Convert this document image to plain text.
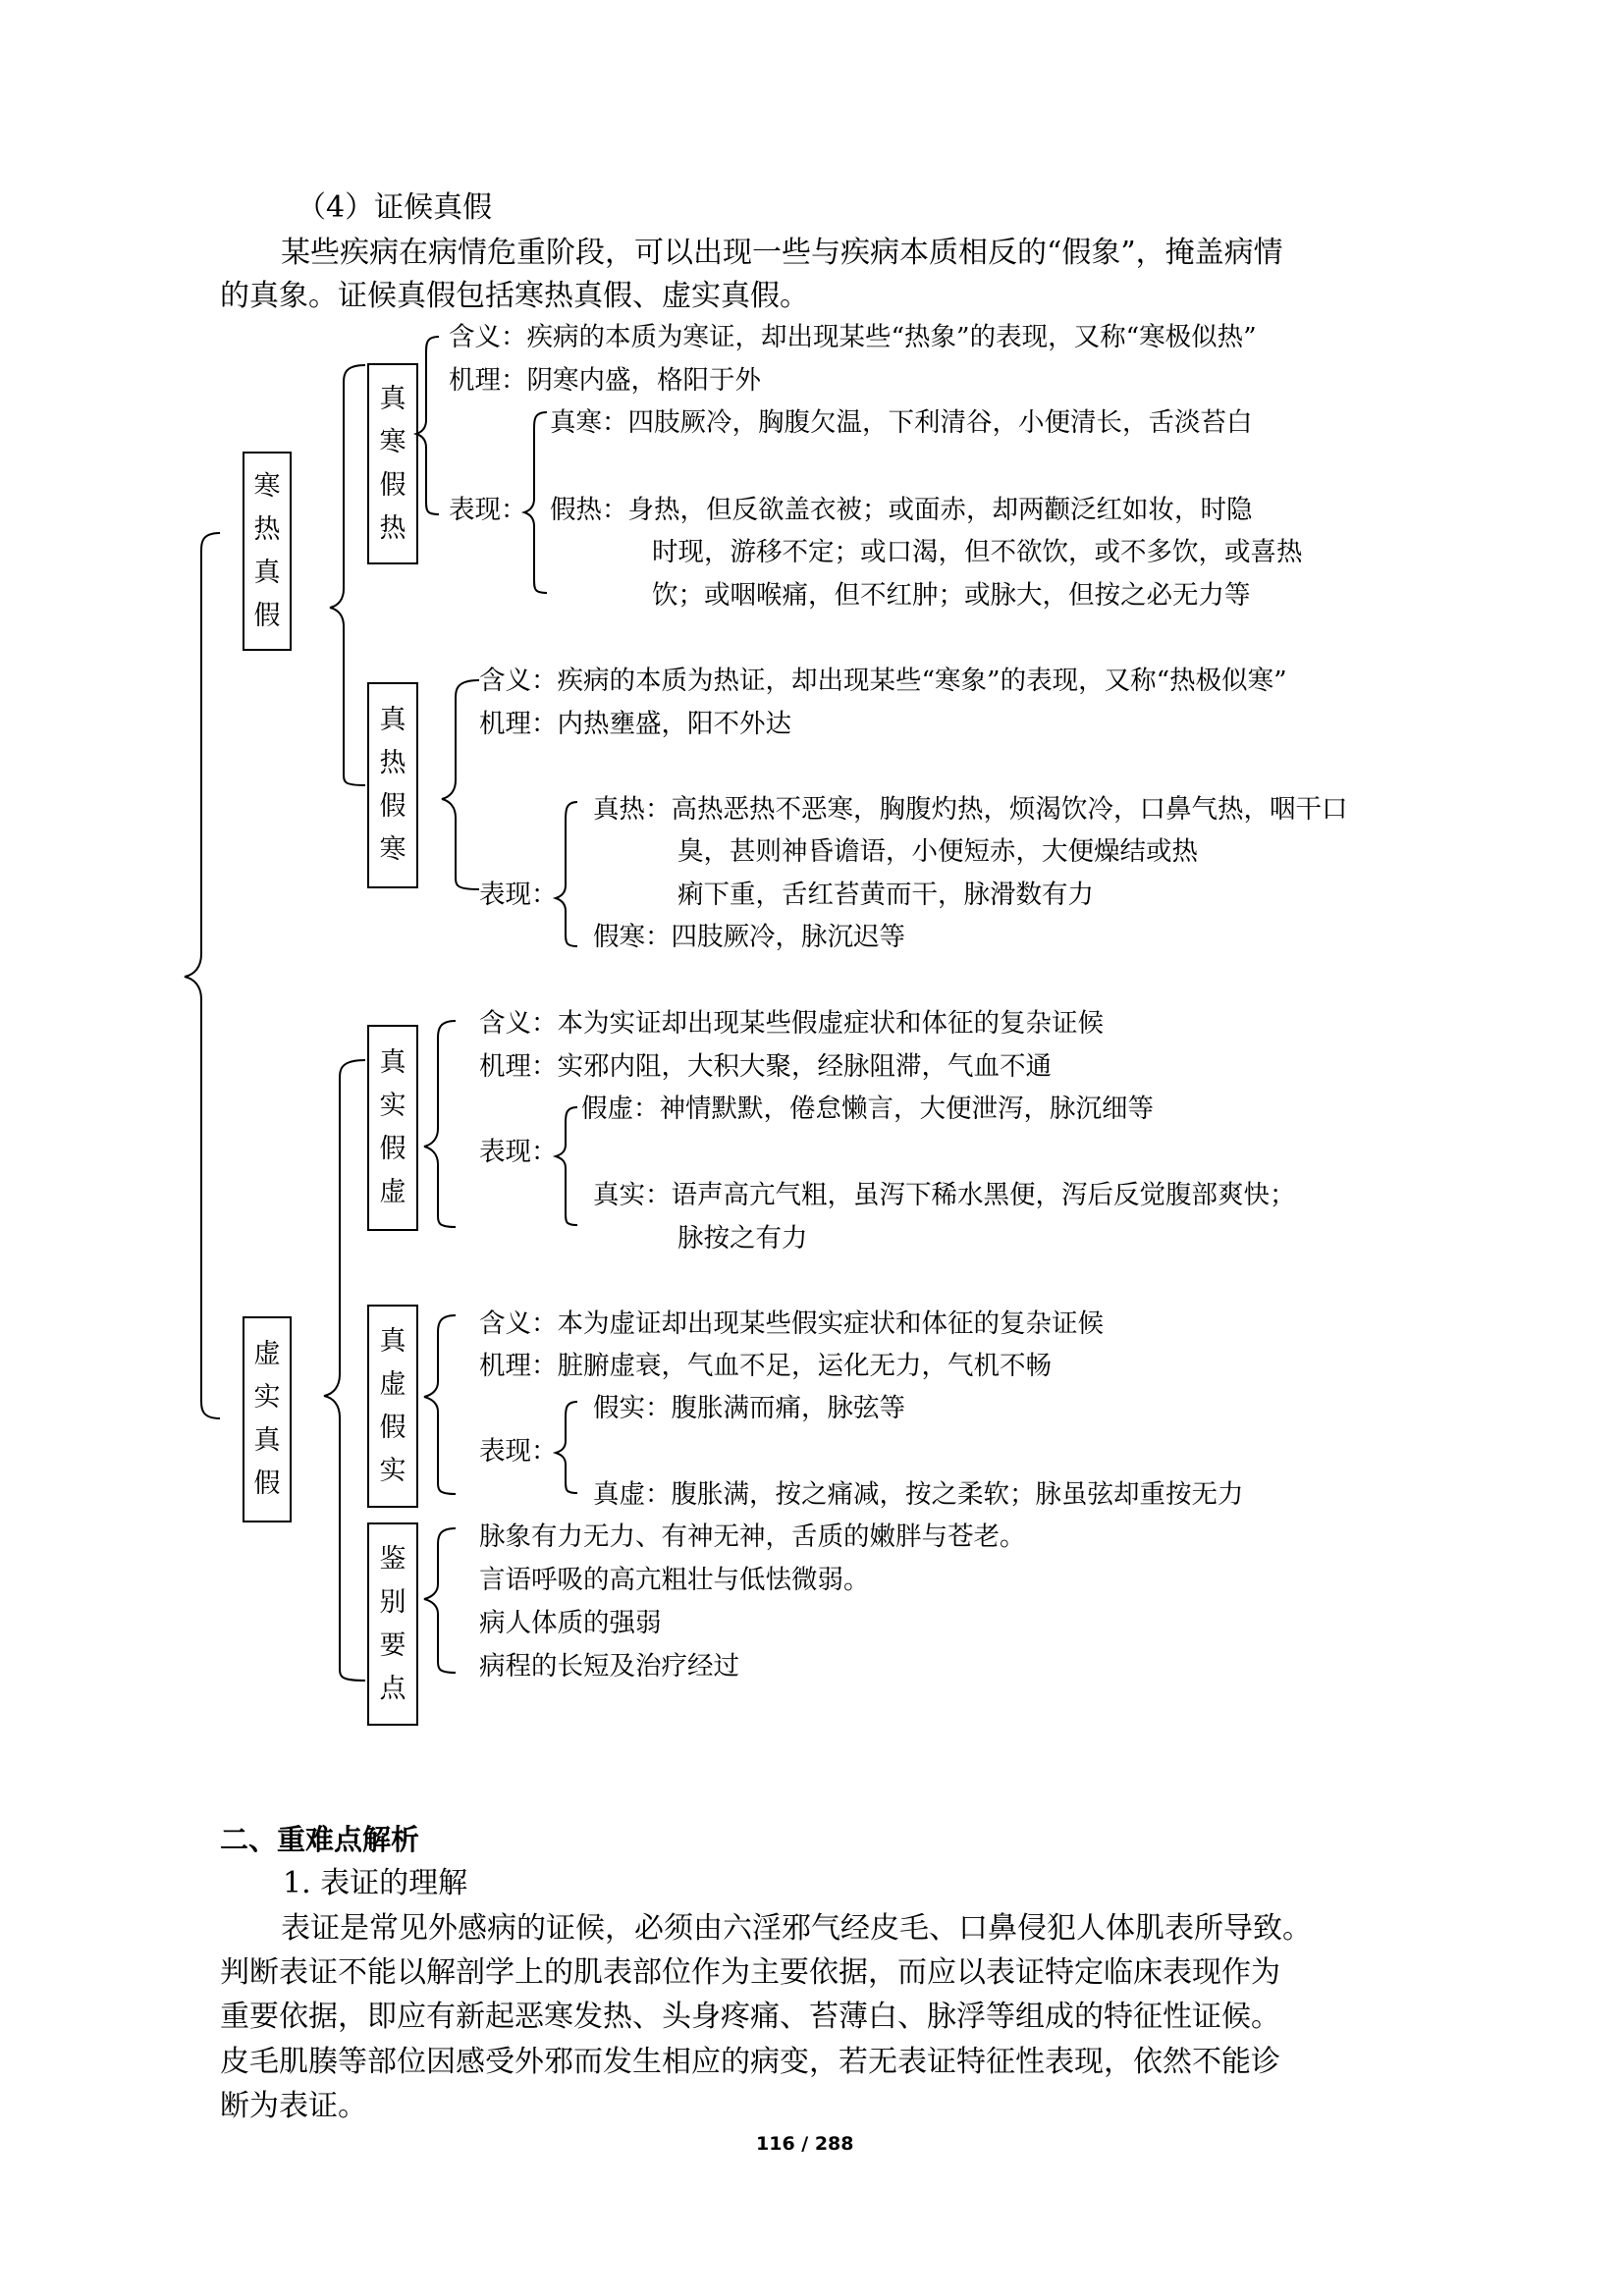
（4）证候真假
某些疾病在病情危重阶段，可以出现一些与疾病本质相反的“假象”，掩盖病情
的真象。证候真假包括寒热真假、虚实真假。
寒
热
真
假
虚
实
真
假
真
寒
假
热
真
热
假
寒
真
实
假
虚
真
虚
假
实
鉴
别
要
点
含义：疾病的本质为寒证，却出现某些“热象”的表现，又称“寒极似热”
机理：阴寒内盛，格阳于外
真寒：四肢厥冷，胸腹欠温，下利清谷，小便清长，舌淡苔白
表现： 假热：身热，但反欲盖衣被；或面赤，却两颧泛红如妆，时隐
时现，游移不定；或口渴，但不欲饮，或不多饮，或喜热
饮；或咽喉痛，但不红肿；或脉大，但按之必无力等
含义：疾病的本质为热证，却出现某些“寒象”的表现，又称“热极似寒”
机理：内热壅盛，阳不外达
真热：高热恶热不恶寒，胸腹灼热，烦渴饮冷，口鼻气热，咽干口
臭，甚则神昏谵语，小便短赤，大便燥结或热
痢下重，舌红苔黄而干，脉滑数有力
表现：
假寒：四肢厥冷，脉沉迟等
含义：本为实证却出现某些假虚症状和体征的复杂证候
机理：实邪内阻，大积大聚，经脉阻滞，气血不通
假虚：神情默默，倦怠懒言，大便泄泻，脉沉细等
表现：
真实：语声高亢气粗，虽泻下稀水黑便，泻后反觉腹部爽快；
脉按之有力
含义：本为虚证却出现某些假实症状和体征的复杂证候
机理：脏腑虚衰，气血不足，运化无力，气机不畅
假实：腹胀满而痛，脉弦等
表现：
真虚：腹胀满，按之痛减，按之柔软；脉虽弦却重按无力
脉象有力无力、有神无神，舌质的嫩胖与苍老。
言语呼吸的高亢粗壮与低怯微弱。
病人体质的强弱
病程的长短及治疗经过
二、重难点解析
1. 表证的理解
表证是常见外感病的证候，必须由六淫邪气经皮毛、口鼻侵犯人体肌表所导致。
判断表证不能以解剖学上的肌表部位作为主要依据，而应以表证特定临床表现作为
重要依据，即应有新起恶寒发热、头身疼痛、苔薄白、脉浮等组成的特征性证候。
皮毛肌腠等部位因感受外邪而发生相应的病变，若无表证特征性表现，依然不能诊
断为表证。
116 / 288
